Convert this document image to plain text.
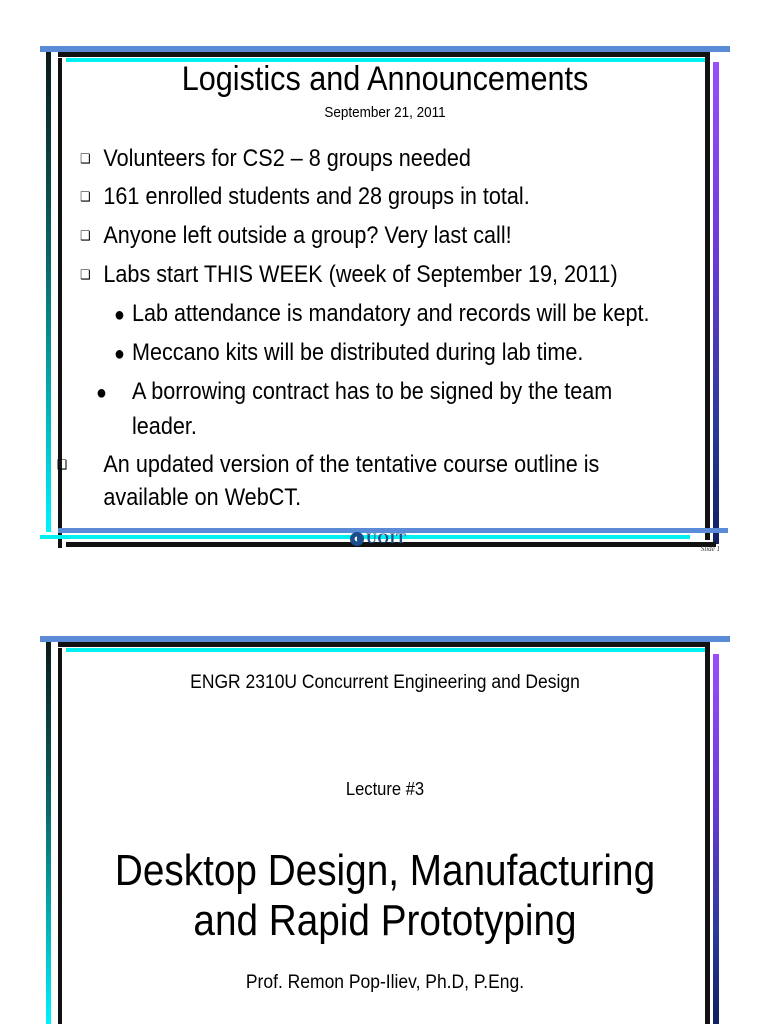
Logistics and Announcements
September 21, 2011
❑ Volunteers for CS2 – 8 groups needed
❑ 161 enrolled students and 28 groups in total.
❑ Anyone left outside a group? Very last call!
❑ Labs start THIS WEEK (week of September 19, 2011)
● Lab attendance is mandatory and records will be kept.
● Meccano kits will be distributed during lab time.
● A borrowing contract has to be signed by the team leader.
❑ An updated version of the tentative course outline is available on WebCT.
◐ UOIT
Slide 1
ENGR 2310U Concurrent Engineering and Design
Lecture #3
Desktop Design, Manufacturing
and Rapid Prototyping
Prof. Remon Pop-Iliev, Ph.D, P.Eng.
